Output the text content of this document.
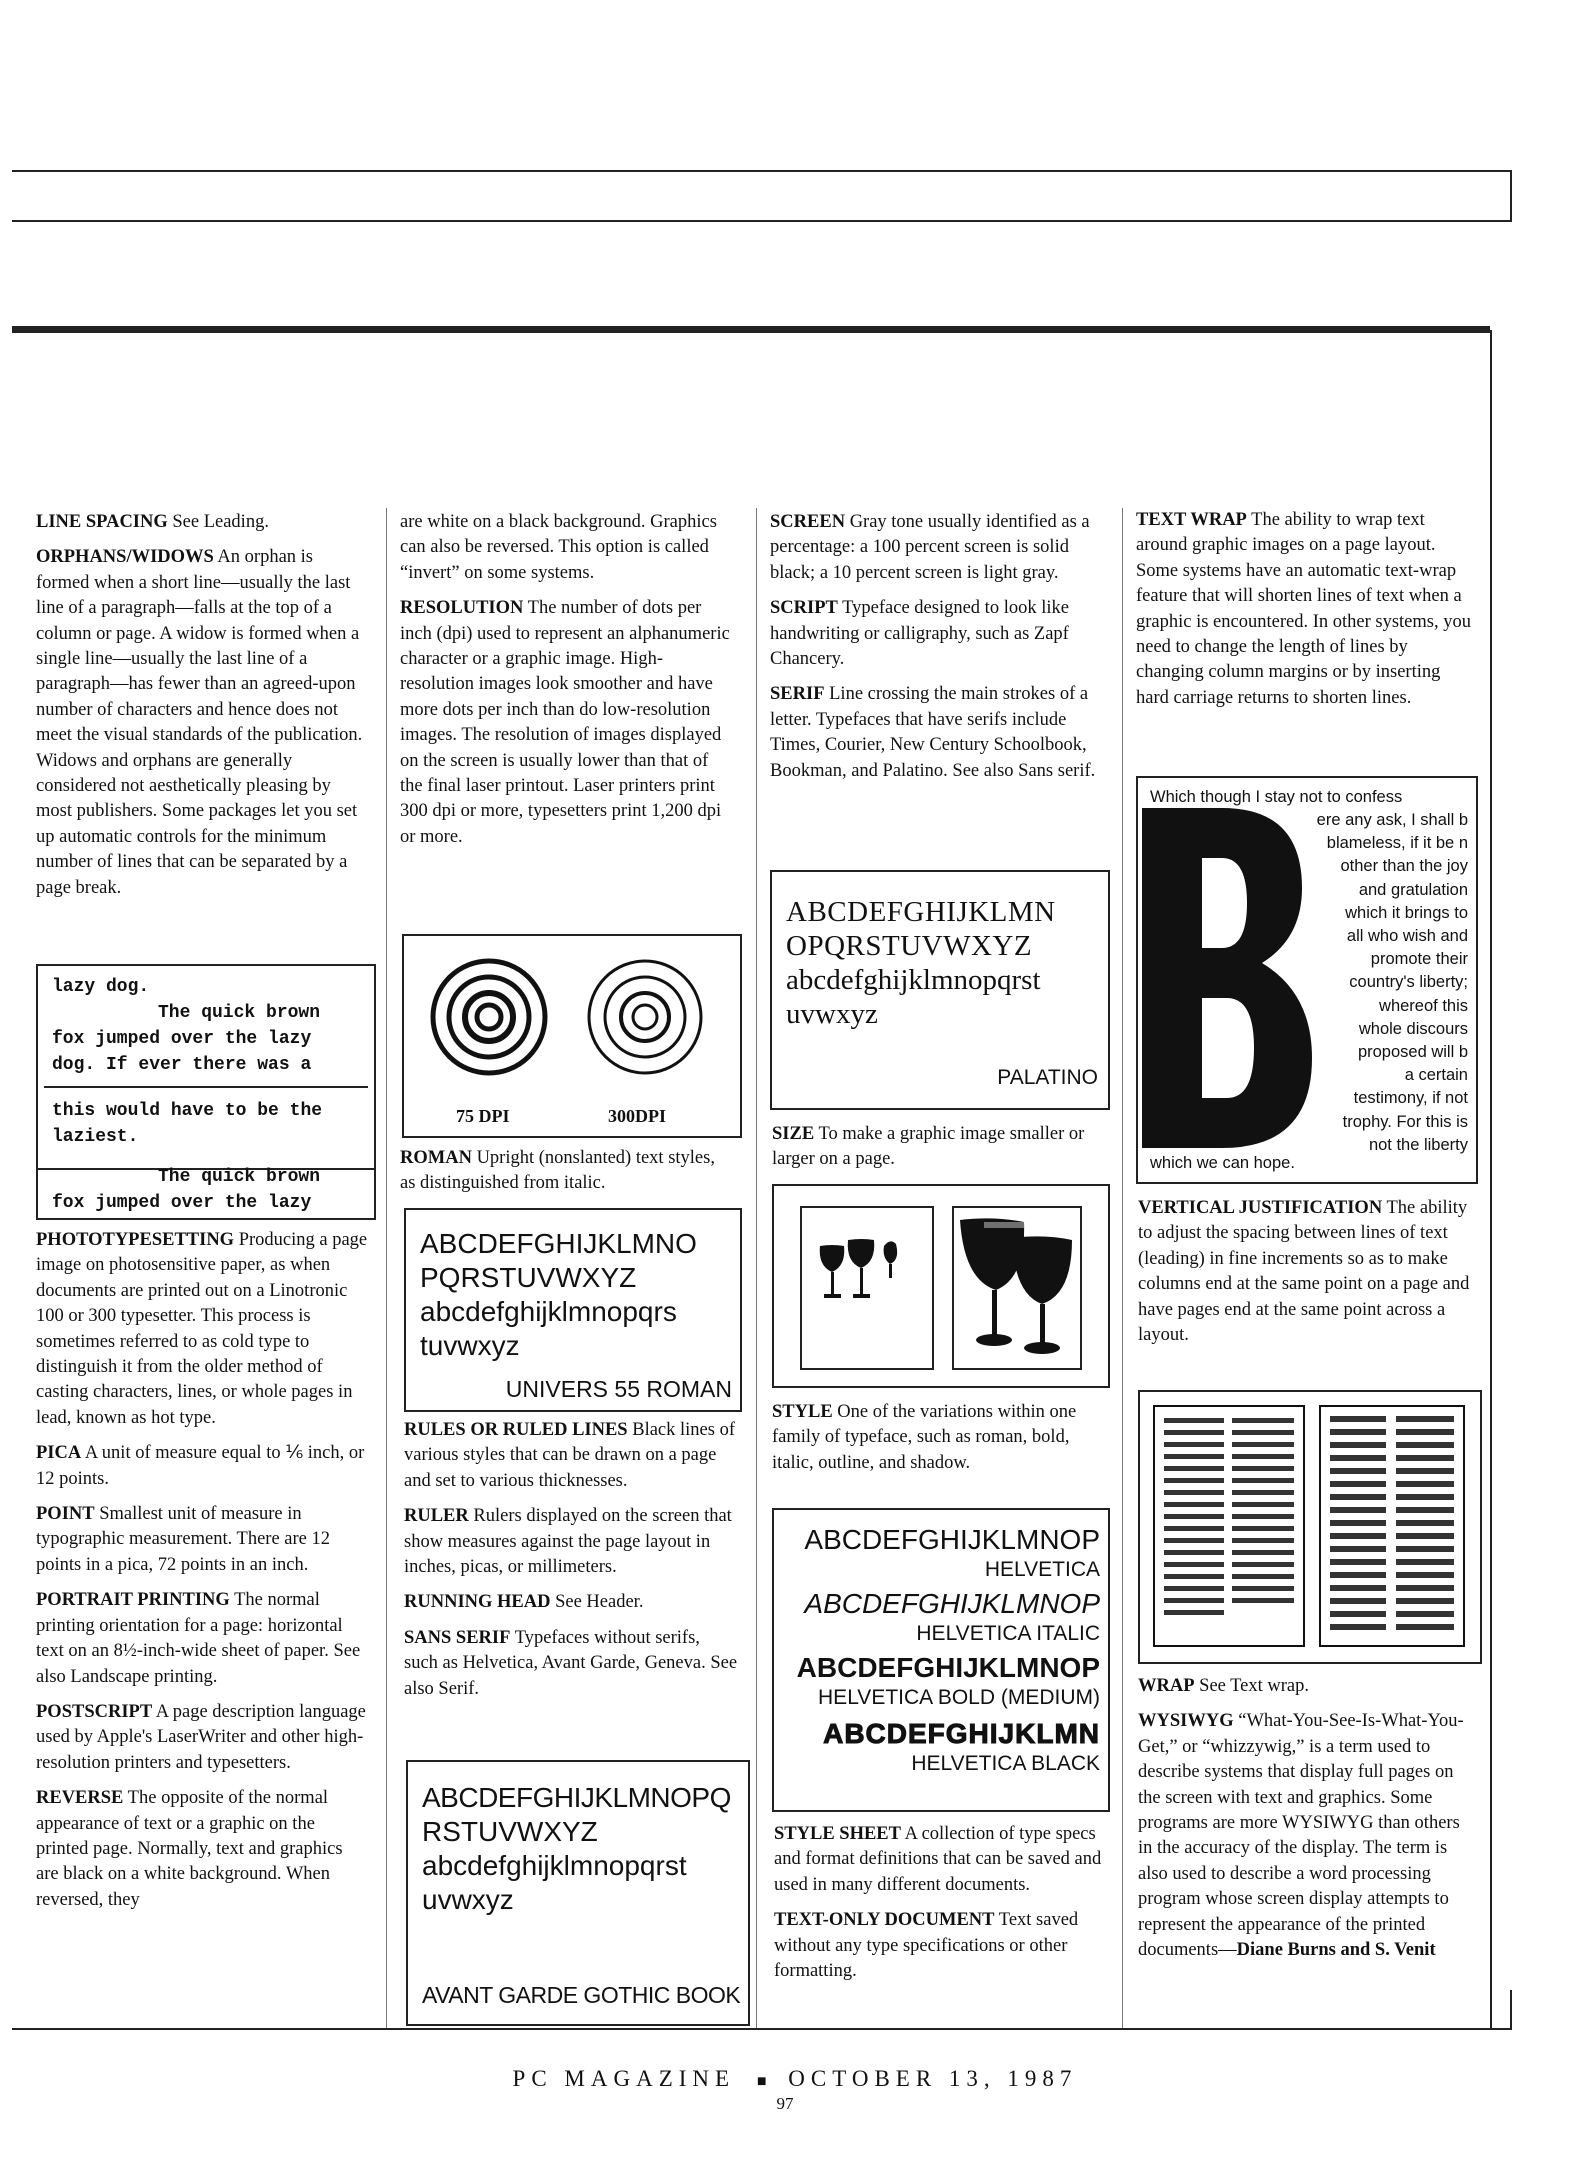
LINE SPACING See Leading.

ORPHANS/WIDOWS An orphan is formed when a short line—usually the last line of a paragraph—falls at the top of a column or page. A widow is formed when a single line—usually the last line of a paragraph—has fewer than an agreed-upon number of characters and hence does not meet the visual standards of the publication. Widows and orphans are generally considered not aesthetically pleasing by most publishers. Some packages let you set up automatic controls for the minimum number of lines that can be separated by a page break.

lazy dog.
The quick brown
fox jumped over the lazy
dog. If ever there was a
this would have to be the
laziest.
The quick brown
fox jumped over the lazy

PHOTOTYPESETTING Producing a page image on photosensitive paper, as when documents are printed out on a Linotronic 100 or 300 typesetter. This process is sometimes referred to as cold type to distinguish it from the older method of casting characters, lines, or whole pages in lead, known as hot type.

PICA A unit of measure equal to ⅙ inch, or 12 points.

POINT Smallest unit of measure in typographic measurement. There are 12 points in a pica, 72 points in an inch.

PORTRAIT PRINTING The normal printing orientation for a page: horizontal text on an 8½-inch-wide sheet of paper. See also Landscape printing.

POSTSCRIPT A page description language used by Apple's LaserWriter and other high-resolution printers and typesetters.

REVERSE The opposite of the normal appearance of text or a graphic on the printed page. Normally, text and graphics are black on a white background. When reversed, they

are white on a black background. Graphics can also be reversed. This option is called “invert” on some systems.

RESOLUTION The number of dots per inch (dpi) used to represent an alphanumeric character or a graphic image. High-resolution images look smoother and have more dots per inch than do low-resolution images. The resolution of images displayed on the screen is usually lower than that of the final laser printout. Laser printers print 300 dpi or more, typesetters print 1,200 dpi or more.

75 DPI	300DPI

ROMAN Upright (nonslanted) text styles, as distinguished from italic.

ABCDEFGHIJKLMNO
PQRSTUVWXYZ
abcdefghijklmnopqrs
tuvwxyz
UNIVERS 55 ROMAN

RULES OR RULED LINES Black lines of various styles that can be drawn on a page and set to various thicknesses.

RULER Rulers displayed on the screen that show measures against the page layout in inches, picas, or millimeters.

RUNNING HEAD See Header.

SANS SERIF Typefaces without serifs, such as Helvetica, Avant Garde, Geneva. See also Serif.

ABCDEFGHIJKLMNOPQ
RSTUVWXYZ
abcdefghijklmnopqrst
uvwxyz
AVANT GARDE GOTHIC BOOK

SCREEN Gray tone usually identified as a percentage: a 100 percent screen is solid black; a 10 percent screen is light gray.

SCRIPT Typeface designed to look like handwriting or calligraphy, such as Zapf Chancery.

SERIF Line crossing the main strokes of a letter. Typefaces that have serifs include Times, Courier, New Century Schoolbook, Bookman, and Palatino. See also Sans serif.

ABCDEFGHIJKLMN
OPQRSTUVWXYZ
abcdefghijklmnopqrst
uvwxyz
PALATINO

SIZE To make a graphic image smaller or larger on a page.

STYLE One of the variations within one family of typeface, such as roman, bold, italic, outline, and shadow.

ABCDEFGHIJKLMNOP
HELVETICA
ABCDEFGHIJKLMNOP
HELVETICA ITALIC
ABCDEFGHIJKLMNOP
HELVETICA BOLD (MEDIUM)
ABCDEFGHIJKLMN
HELVETICA BLACK

STYLE SHEET A collection of type specs and format definitions that can be saved and used in many different documents.

TEXT-ONLY DOCUMENT Text saved without any type specifications or other formatting.

TEXT WRAP The ability to wrap text around graphic images on a page layout. Some systems have an automatic text-wrap feature that will shorten lines of text when a graphic is encountered. In other systems, you need to change the length of lines by changing column margins or by inserting hard carriage returns to shorten lines.

Which though I stay not to confess
ere any ask, I shall b
blameless, if it be n
other than the joy
and gratulation
which it brings to
all who wish and
promote their
country's liberty;
whereof this
whole discours
proposed will b
a certain
testimony, if not
trophy. For this is
not the liberty
which we can hope.

VERTICAL JUSTIFICATION The ability to adjust the spacing between lines of text (leading) in fine increments so as to make columns end at the same point on a page and have pages end at the same point across a layout.

WRAP See Text wrap.

WYSIWYG “What-You-See-Is-What-You-Get,” or “whizzywig,” is a term used to describe systems that display full pages on the screen with text and graphics. Some programs are more WYSIWYG than others in the accuracy of the display. The term is also used to describe a word processing program whose screen display attempts to represent the appearance of the printed documents—Diane Burns and S. Venit

PC MAGAZINE ■ OCTOBER 13, 1987
97
